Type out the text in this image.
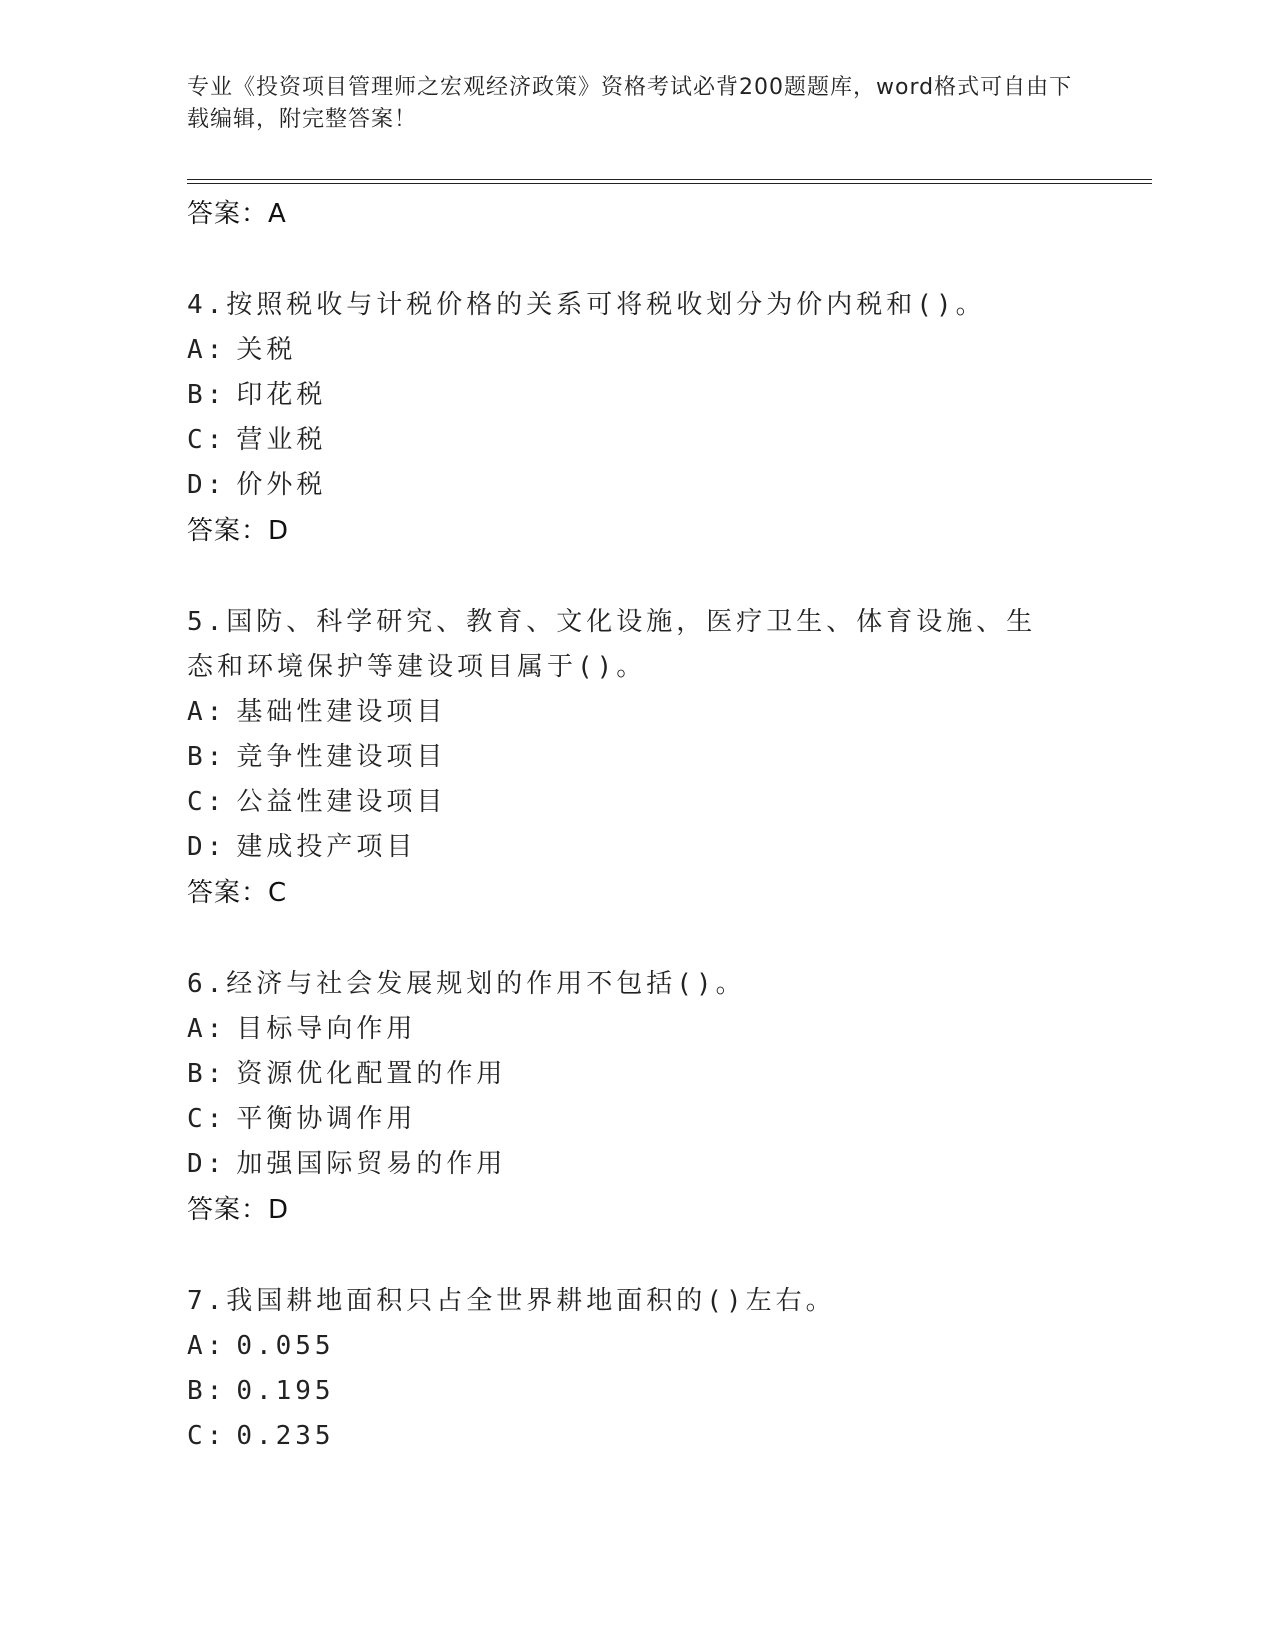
专业《投资项目管理师之宏观经济政策》资格考试必背200题题库，word格式可自由下载编辑，附完整答案！
答案：A
4.按照税收与计税价格的关系可将税收划分为价内税和()。
A: 关税
B: 印花税
C: 营业税
D: 价外税
答案：D
5.国防、科学研究、教育、文化设施，医疗卫生、体育设施、生态和环境保护等建设项目属于()。
A: 基础性建设项目
B: 竞争性建设项目
C: 公益性建设项目
D: 建成投产项目
答案：C
6.经济与社会发展规划的作用不包括()。
A: 目标导向作用
B: 资源优化配置的作用
C: 平衡协调作用
D: 加强国际贸易的作用
答案：D
7.我国耕地面积只占全世界耕地面积的()左右。
A: 0.055
B: 0.195
C: 0.235
